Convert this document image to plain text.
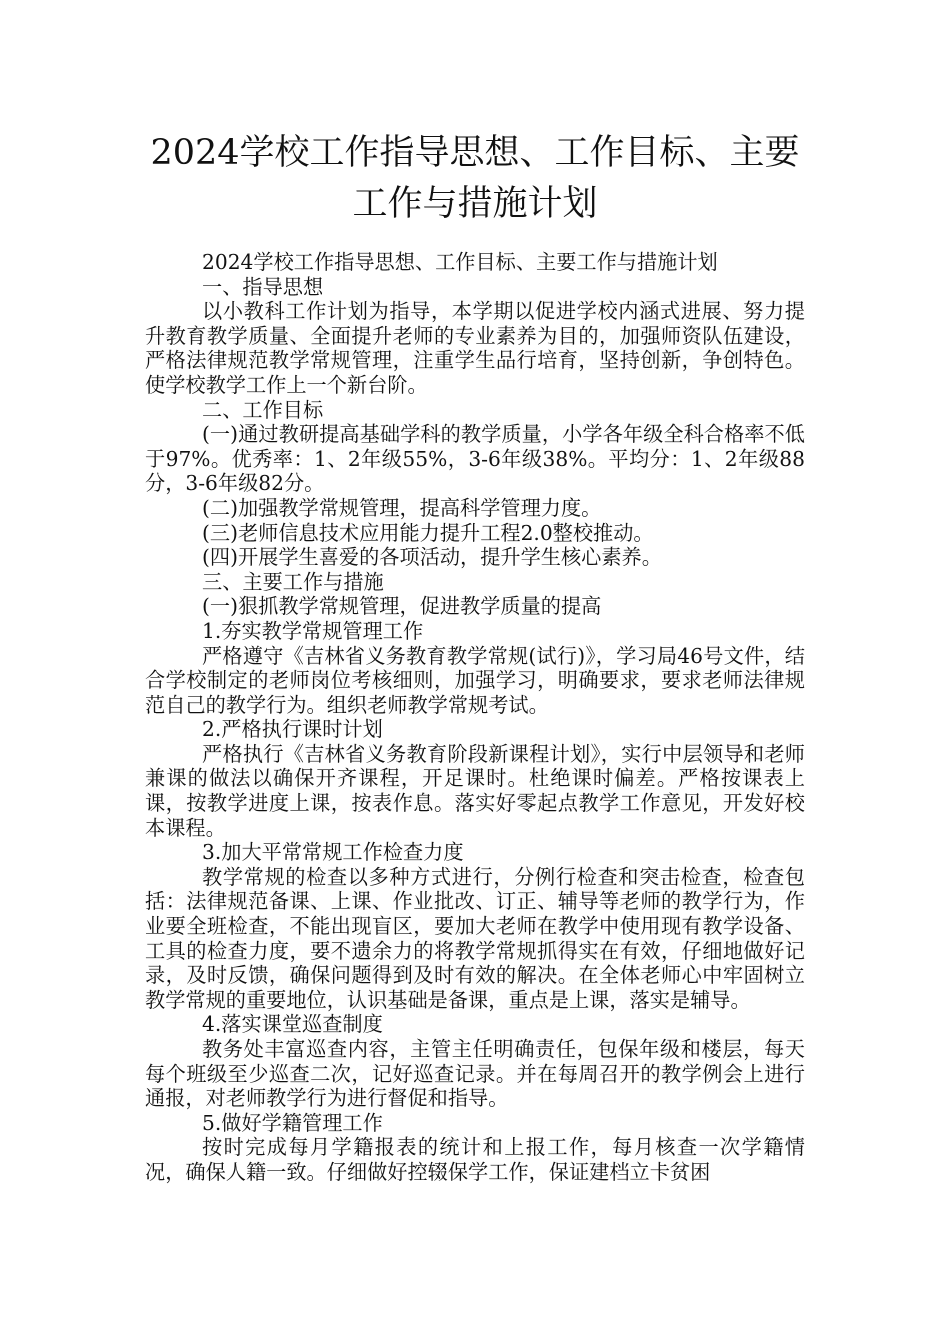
2024学校工作指导思想、工作目标、主要
工作与措施计划

2024学校工作指导思想、工作目标、主要工作与措施计划

一、指导思想

以小教科工作计划为指导，本学期以促进学校内涵式进展、努力提升教育教学质量、全面提升老师的专业素养为目的，加强师资队伍建设，严格法律规范教学常规管理，注重学生品行培育，坚持创新，争创特色。使学校教学工作上一个新台阶。

二、工作目标

(一)通过教研提高基础学科的教学质量，小学各年级全科合格率不低于97%。优秀率：1、2年级55%，3-6年级38%。平均分：1、2年级88分，3-6年级82分。

(二)加强教学常规管理，提高科学管理力度。

(三)老师信息技术应用能力提升工程2.0整校推动。

(四)开展学生喜爱的各项活动，提升学生核心素养。

三、主要工作与措施

(一)狠抓教学常规管理，促进教学质量的提高

1.夯实教学常规管理工作

严格遵守《吉林省义务教育教学常规(试行)》，学习局46号文件，结合学校制定的老师岗位考核细则，加强学习，明确要求，要求老师法律规范自己的教学行为。组织老师教学常规考试。

2.严格执行课时计划

严格执行《吉林省义务教育阶段新课程计划》，实行中层领导和老师兼课的做法以确保开齐课程，开足课时。杜绝课时偏差。严格按课表上课，按教学进度上课，按表作息。落实好零起点教学工作意见，开发好校本课程。

3.加大平常常规工作检查力度

教学常规的检查以多种方式进行，分例行检查和突击检查，检查包括：法律规范备课、上课、作业批改、订正、辅导等老师的教学行为，作业要全班检查，不能出现盲区，要加大老师在教学中使用现有教学设备、工具的检查力度，要不遗余力的将教学常规抓得实在有效，仔细地做好记录，及时反馈，确保问题得到及时有效的解决。在全体老师心中牢固树立教学常规的重要地位，认识基础是备课，重点是上课，落实是辅导。

4.落实课堂巡查制度

教务处丰富巡查内容，主管主任明确责任，包保年级和楼层，每天每个班级至少巡查二次，记好巡查记录。并在每周召开的教学例会上进行通报，对老师教学行为进行督促和指导。

5.做好学籍管理工作

按时完成每月学籍报表的统计和上报工作，每月核查一次学籍情况，确保人籍一致。仔细做好控辍保学工作，保证建档立卡贫困
